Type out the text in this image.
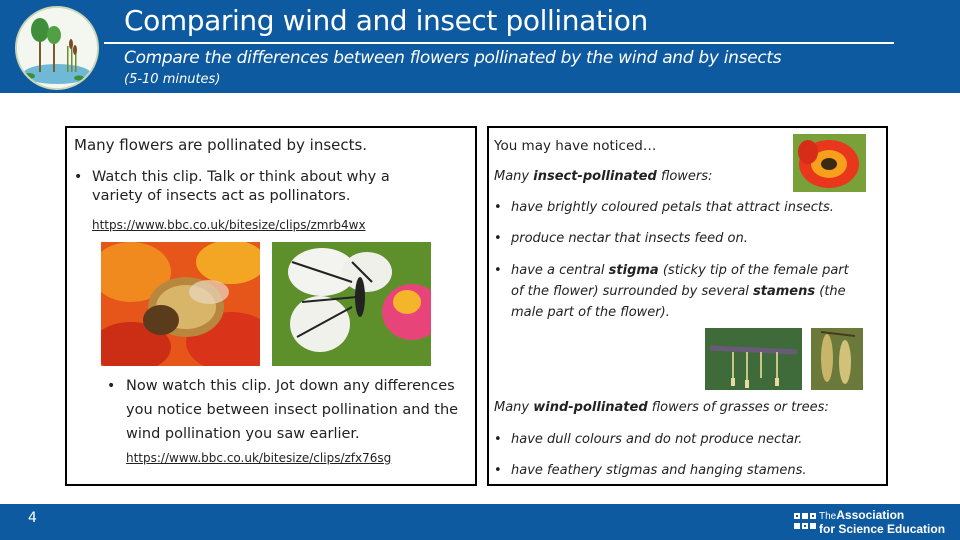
Comparing wind and insect pollination
Compare the differences between flowers pollinated by the wind and by insects
(5-10 minutes)
Many flowers are pollinated by insects.
• Watch this clip. Talk or think about why a
variety of insects act as pollinators.
https://www.bbc.co.uk/bitesize/clips/zmrb4wx
• Now watch this clip. Jot down any differences
you notice between insect pollination and the
wind pollination you saw earlier.
https://www.bbc.co.uk/bitesize/clips/zfx76sg
You may have noticed…
Many insect-pollinated flowers:
• have brightly coloured petals that attract insects.
• produce nectar that insects feed on.
• have a central stigma (sticky tip of the female part
of the flower) surrounded by several stamens (the
male part of the flower).
Many wind-pollinated flowers of grasses or trees:
• have dull colours and do not produce nectar.
• have feathery stigmas and hanging stamens.
4	TheAssociation
for Science Education
